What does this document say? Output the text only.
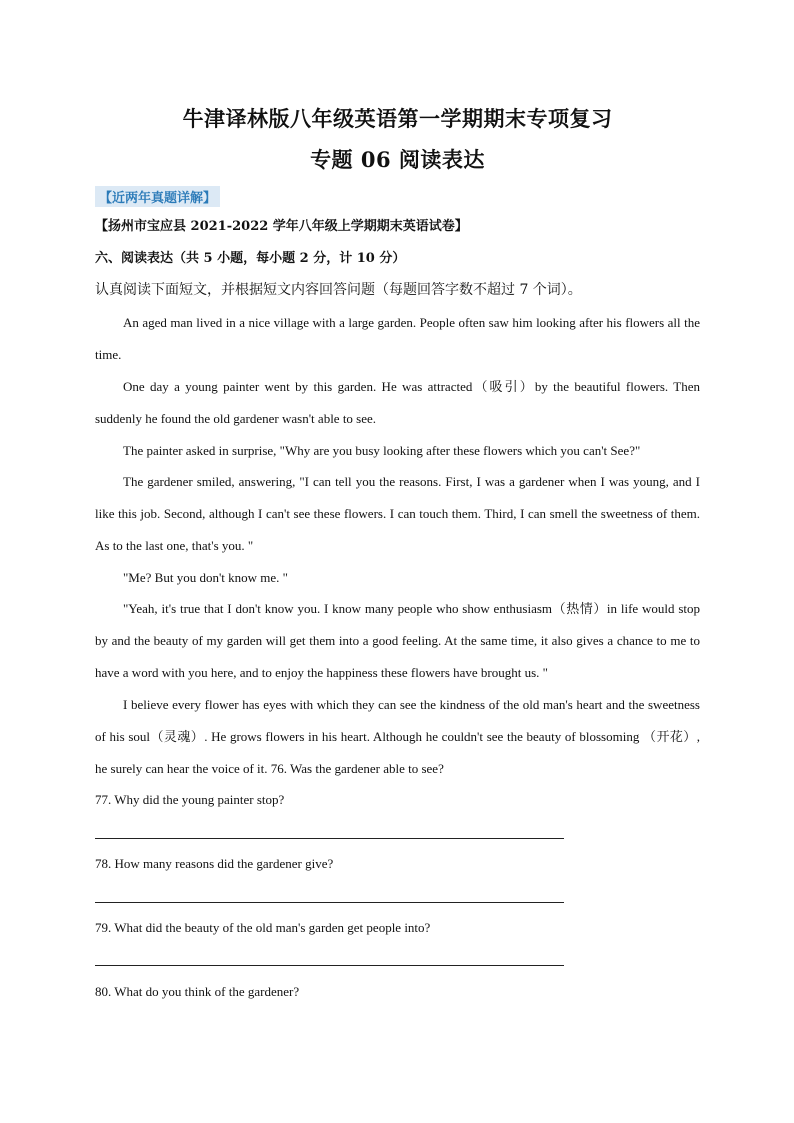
牛津译林版八年级英语第一学期期末专项复习
专题 06 阅读表达
【近两年真题详解】
【扬州市宝应县 2021-2022 学年八年级上学期期末英语试卷】
六、阅读表达（共 5 小题，每小题 2 分，计 10 分）
认真阅读下面短文，并根据短文内容回答问题（每题回答字数不超过 7 个词）。

An aged man lived in a nice village with a large garden. People often saw him looking after his flowers all the time.

One day a young painter went by this garden. He was attracted（吸引）by the beautiful flowers. Then suddenly he found the old gardener wasn't able to see.

The painter asked in surprise, "Why are you busy looking after these flowers which you can't See?"

The gardener smiled, answering, "I can tell you the reasons. First, I was a gardener when I was young, and I like this job. Second, although I can't see these flowers. I can touch them. Third, I can smell the sweetness of them. As to the last one, that's you. "

"Me? But you don't know me. "

"Yeah, it's true that I don't know you. I know many people who show enthusiasm（热情）in life would stop by and the beauty of my garden will get them into a good feeling. At the same time, it also gives a chance to me to have a word with you here, and to enjoy the happiness these flowers have brought us. "

I believe every flower has eyes with which they can see the kindness of the old man's heart and the sweetness of his soul（灵魂）. He grows flowers in his heart. Although he couldn't see the beauty of blossoming （开花）, he surely can hear the voice of it. 76. Was the gardener able to see?

77. Why did the young painter stop?
78. How many reasons did the gardener give?
79. What did the beauty of the old man's garden get people into?
80. What do you think of the gardener?
